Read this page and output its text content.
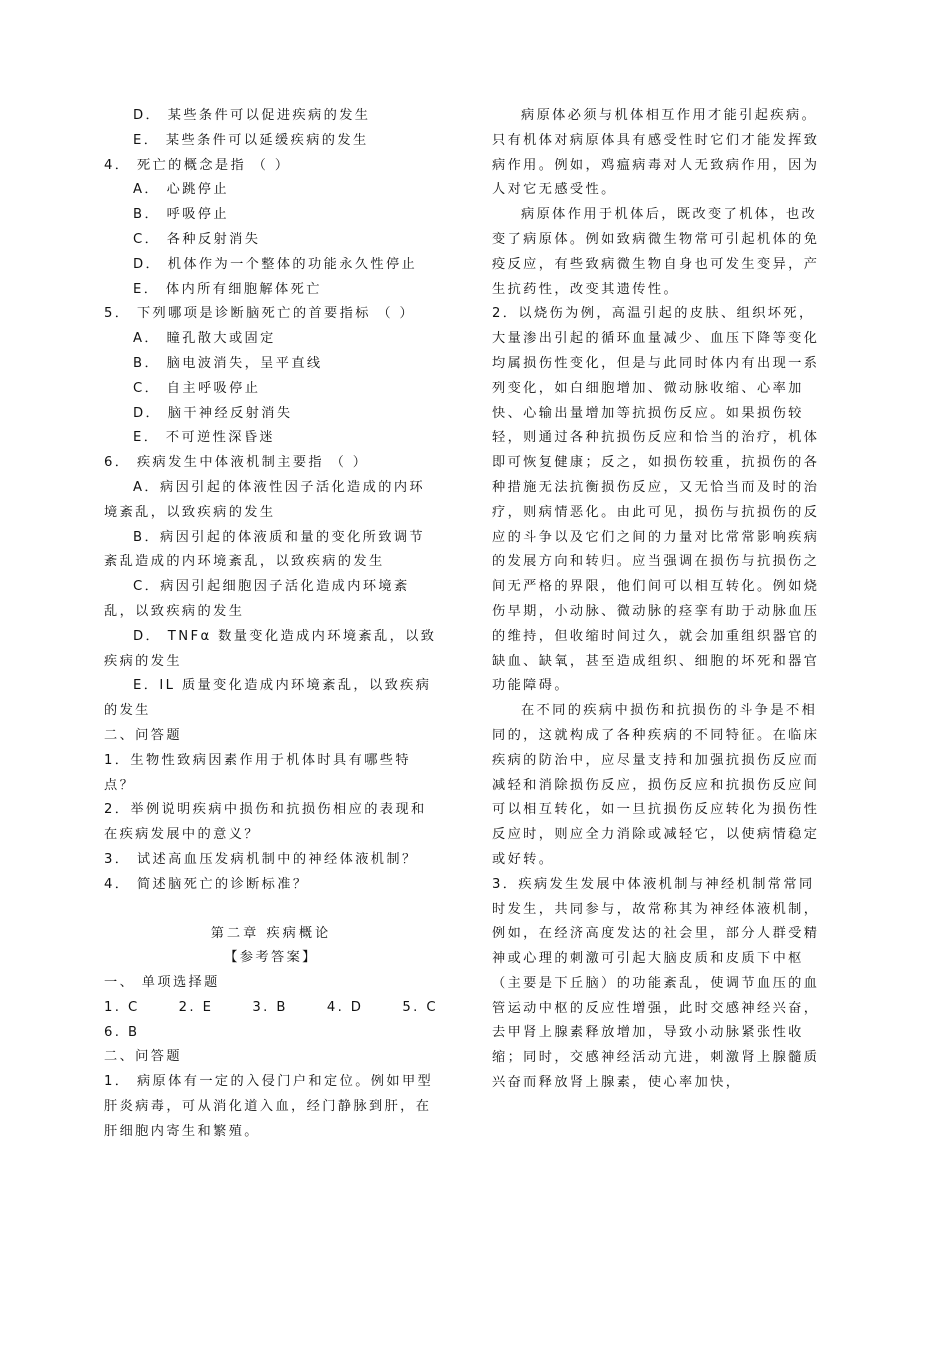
D． 某些条件可以促进疾病的发生

E． 某些条件可以延缓疾病的发生

4． 死亡的概念是指 （ ）

A． 心跳停止

B． 呼吸停止

C． 各种反射消失

D． 机体作为一个整体的功能永久性停止

E． 体内所有细胞解体死亡

5． 下列哪项是诊断脑死亡的首要指标 （ ）

A． 瞳孔散大或固定

B． 脑电波消失，呈平直线

C． 自主呼吸停止

D． 脑干神经反射消失

E． 不可逆性深昏迷

6． 疾病发生中体液机制主要指 （ ）

A．病因引起的体液性因子活化造成的内环境紊乱，以致疾病的发生

B．病因引起的体液质和量的变化所致调节紊乱造成的内环境紊乱，以致疾病的发生

C．病因引起细胞因子活化造成内环境紊乱，以致疾病的发生

D． TNFα 数量变化造成内环境紊乱，以致疾病的发生

E．IL 质量变化造成内环境紊乱，以致疾病的发生

二、问答题

1．生物性致病因素作用于机体时具有哪些特点？

2．举例说明疾病中损伤和抗损伤相应的表现和在疾病发展中的意义？

3． 试述高血压发病机制中的神经体液机制？

4． 简述脑死亡的诊断标准？

第二章 疾病概论

【参考答案】

一、 单项选择题

1. C	2. E	3. B	4. D	5. C

6. B

二、问答题

1． 病原体有一定的入侵门户和定位。例如甲型肝炎病毒，可从消化道入血，经门静脉到肝，在肝细胞内寄生和繁殖。

病原体必须与机体相互作用才能引起疾病。只有机体对病原体具有感受性时它们才能发挥致病作用。例如，鸡瘟病毒对人无致病作用，因为人对它无感受性。

病原体作用于机体后，既改变了机体，也改变了病原体。例如致病微生物常可引起机体的免疫反应，有些致病微生物自身也可发生变异，产生抗药性，改变其遗传性。

2．以烧伤为例，高温引起的皮肤、组织坏死，大量渗出引起的循环血量减少、血压下降等变化均属损伤性变化，但是与此同时体内有出现一系列变化，如白细胞增加、微动脉收缩、心率加快、心输出量增加等抗损伤反应。如果损伤较轻，则通过各种抗损伤反应和恰当的治疗，机体即可恢复健康；反之，如损伤较重，抗损伤的各种措施无法抗衡损伤反应，又无恰当而及时的治疗，则病情恶化。由此可见，损伤与抗损伤的反应的斗争以及它们之间的力量对比常常影响疾病的发展方向和转归。应当强调在损伤与抗损伤之间无严格的界限，他们间可以相互转化。例如烧伤早期，小动脉、微动脉的痉挛有助于动脉血压的维持，但收缩时间过久，就会加重组织器官的缺血、缺氧，甚至造成组织、细胞的坏死和器官功能障碍。

在不同的疾病中损伤和抗损伤的斗争是不相同的，这就构成了各种疾病的不同特征。在临床疾病的防治中，应尽量支持和加强抗损伤反应而减轻和消除损伤反应，损伤反应和抗损伤反应间可以相互转化，如一旦抗损伤反应转化为损伤性反应时，则应全力消除或减轻它，以使病情稳定或好转。

3．疾病发生发展中体液机制与神经机制常常同时发生，共同参与，故常称其为神经体液机制，例如，在经济高度发达的社会里，部分人群受精神或心理的刺激可引起大脑皮质和皮质下中枢（主要是下丘脑）的功能紊乱，使调节血压的血管运动中枢的反应性增强，此时交感神经兴奋，去甲肾上腺素释放增加，导致小动脉紧张性收缩；同时，交感神经活动亢进，刺激肾上腺髓质兴奋而释放肾上腺素，使心率加快，
